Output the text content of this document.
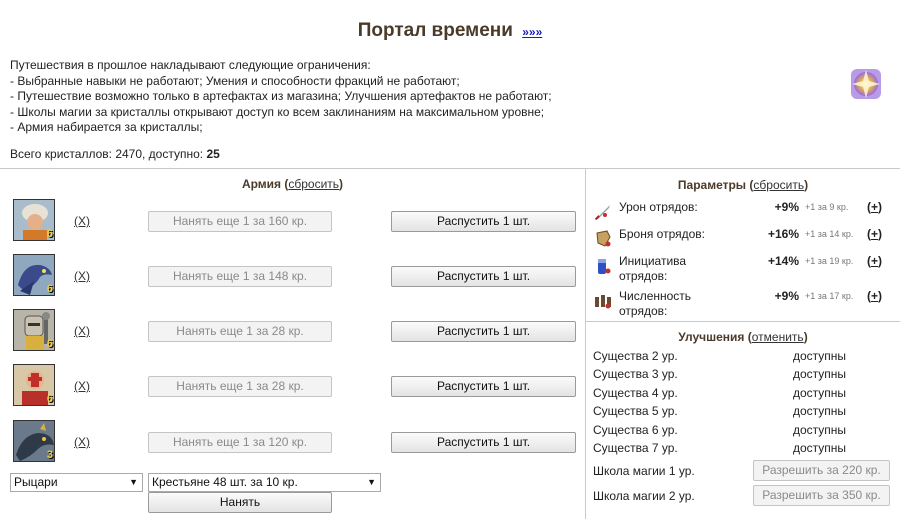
Портал времени »»»
Путешествия в прошлое накладывают следующие ограничения:
- Выбранные навыки не работают; Умения и способности фракций не работают;
- Путешествие возможно только в артефактах из магазина; Улучшения артефактов не работают;
- Школы магии за кристаллы открывают доступ ко всем заклинаниям на максимальном уровне;
- Армия набирается за кристаллы;
Всего кристаллов: 2470, доступно: 25
Армия (сбросить)
6
(X)	Нанять еще 1 за 160 кр.	Распустить 1 шт.
6
(X)	Нанять еще 1 за 148 кр.	Распустить 1 шт.
6
(X)	Нанять еще 1 за 28 кр.	Распустить 1 шт.
6
(X)	Нанять еще 1 за 28 кр.	Распустить 1 шт.
3
(X)	Нанять еще 1 за 120 кр.	Распустить 1 шт.
Рыцари	▼	Крестьяне 48 шт. за 10 кр.	▼
Нанять
Параметры (сбросить)
Урон отрядов:	+9% +1 за 9 кр.	(+)
Броня отрядов:	+16% +1 за 14 кр.	(+)
Инициатива отрядов:
+14% +1 за 19 кр.	(+)
Численность отрядов:
+9% +1 за 17 кр.	(+)
Улучшения (отменить)
Существа 2 ур.	доступны
Существа 3 ур.	доступны
Существа 4 ур.	доступны
Существа 5 ур.	доступны
Существа 6 ур.	доступны
Существа 7 ур.	доступны
Школа магии 1 ур.	Разрешить за 220 кр.
Школа магии 2 ур.	Разрешить за 350 кр.
